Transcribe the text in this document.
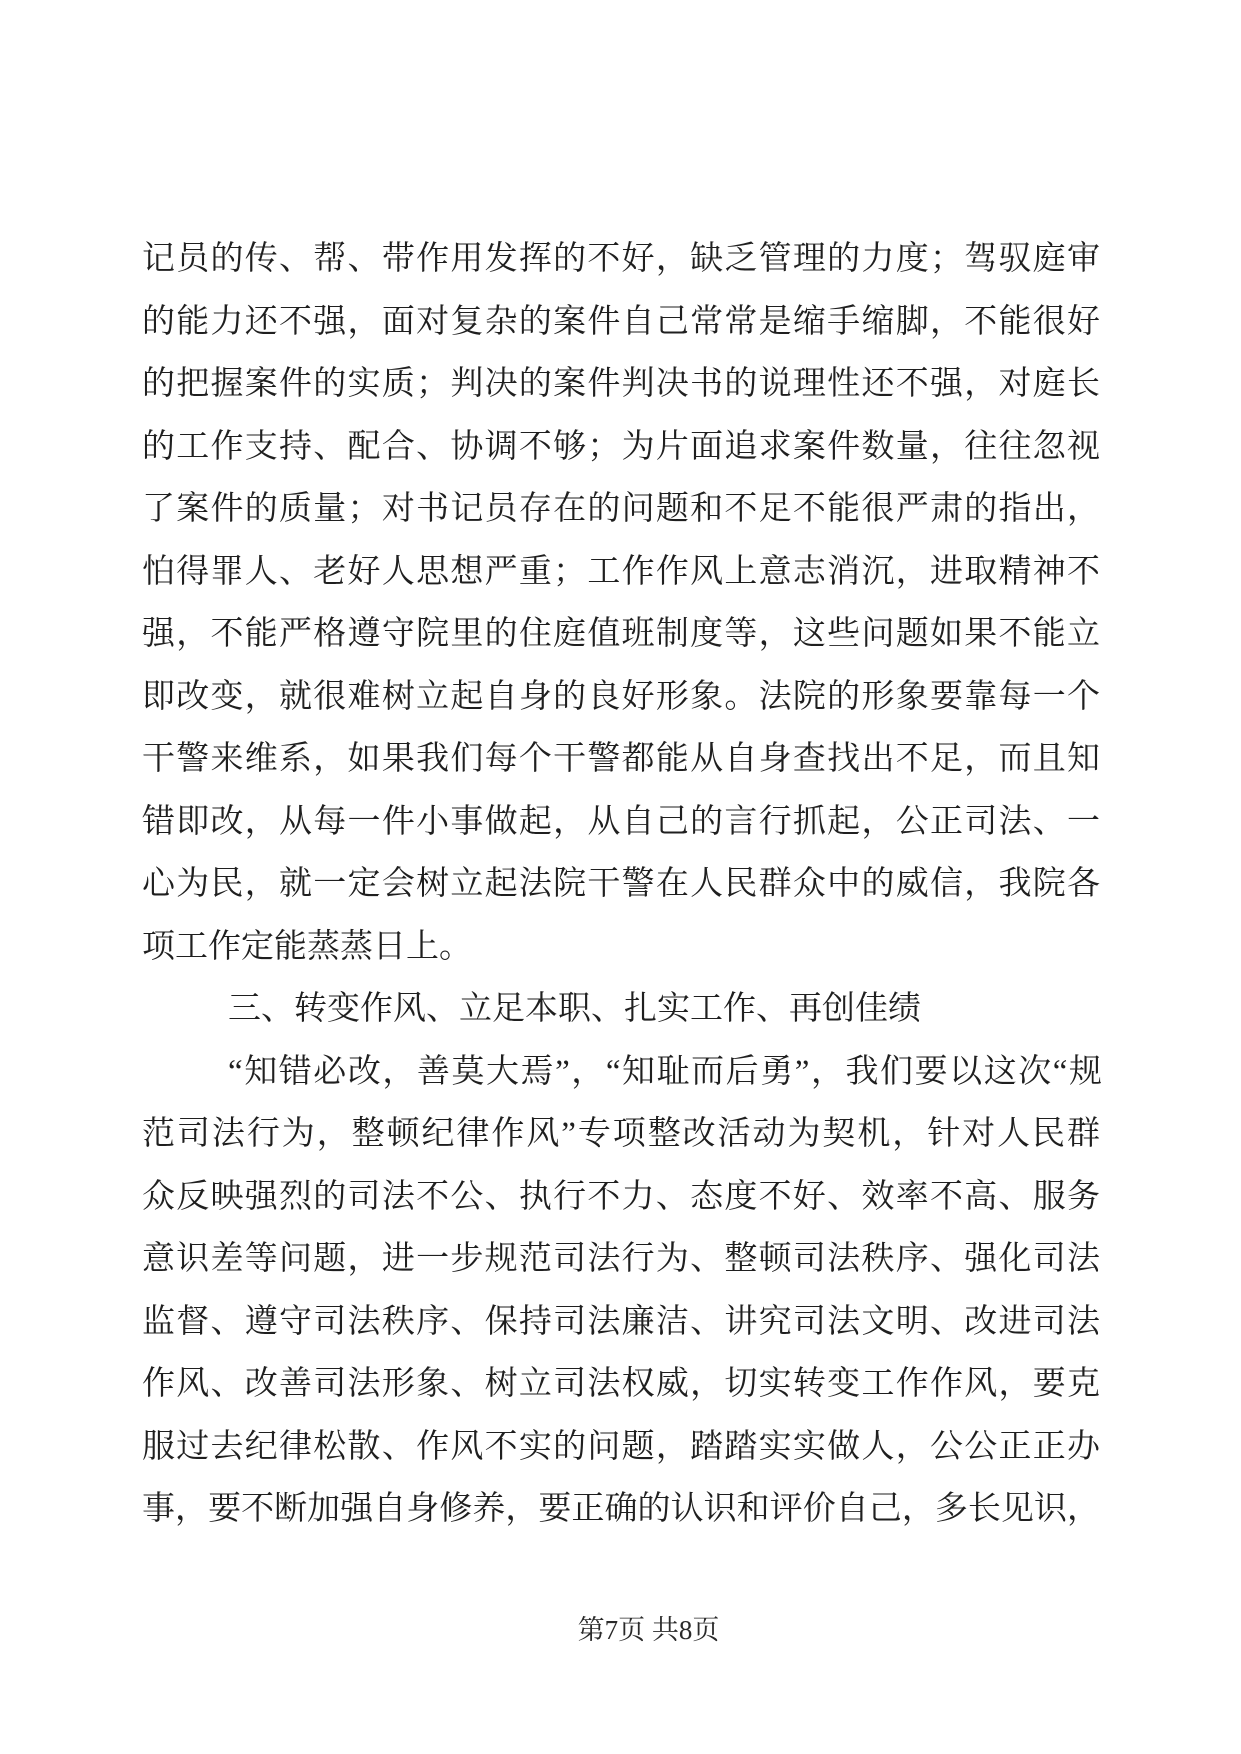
记员的传、帮、带作用发挥的不好，缺乏管理的力度；驾驭庭审
的能力还不强，面对复杂的案件自己常常是缩手缩脚，不能很好
的把握案件的实质；判决的案件判决书的说理性还不强，对庭长
的工作支持、配合、协调不够；为片面追求案件数量，往往忽视
了案件的质量；对书记员存在的问题和不足不能很严肃的指出，
怕得罪人、老好人思想严重；工作作风上意志消沉，进取精神不
强，不能严格遵守院里的住庭值班制度等，这些问题如果不能立
即改变，就很难树立起自身的良好形象。法院的形象要靠每一个
干警来维系，如果我们每个干警都能从自身查找出不足，而且知
错即改，从每一件小事做起，从自己的言行抓起，公正司法、一
心为民，就一定会树立起法院干警在人民群众中的威信，我院各
项工作定能蒸蒸日上。
三、转变作风、立足本职、扎实工作、再创佳绩
“知错必改，善莫大焉”，“知耻而后勇”，我们要以这次“规
范司法行为，整顿纪律作风”专项整改活动为契机，针对人民群
众反映强烈的司法不公、执行不力、态度不好、效率不高、服务
意识差等问题，进一步规范司法行为、整顿司法秩序、强化司法
监督、遵守司法秩序、保持司法廉洁、讲究司法文明、改进司法
作风、改善司法形象、树立司法权威，切实转变工作作风，要克
服过去纪律松散、作风不实的问题，踏踏实实做人，公公正正办
事，要不断加强自身修养，要正确的认识和评价自己，多长见识，
第7页 共8页
